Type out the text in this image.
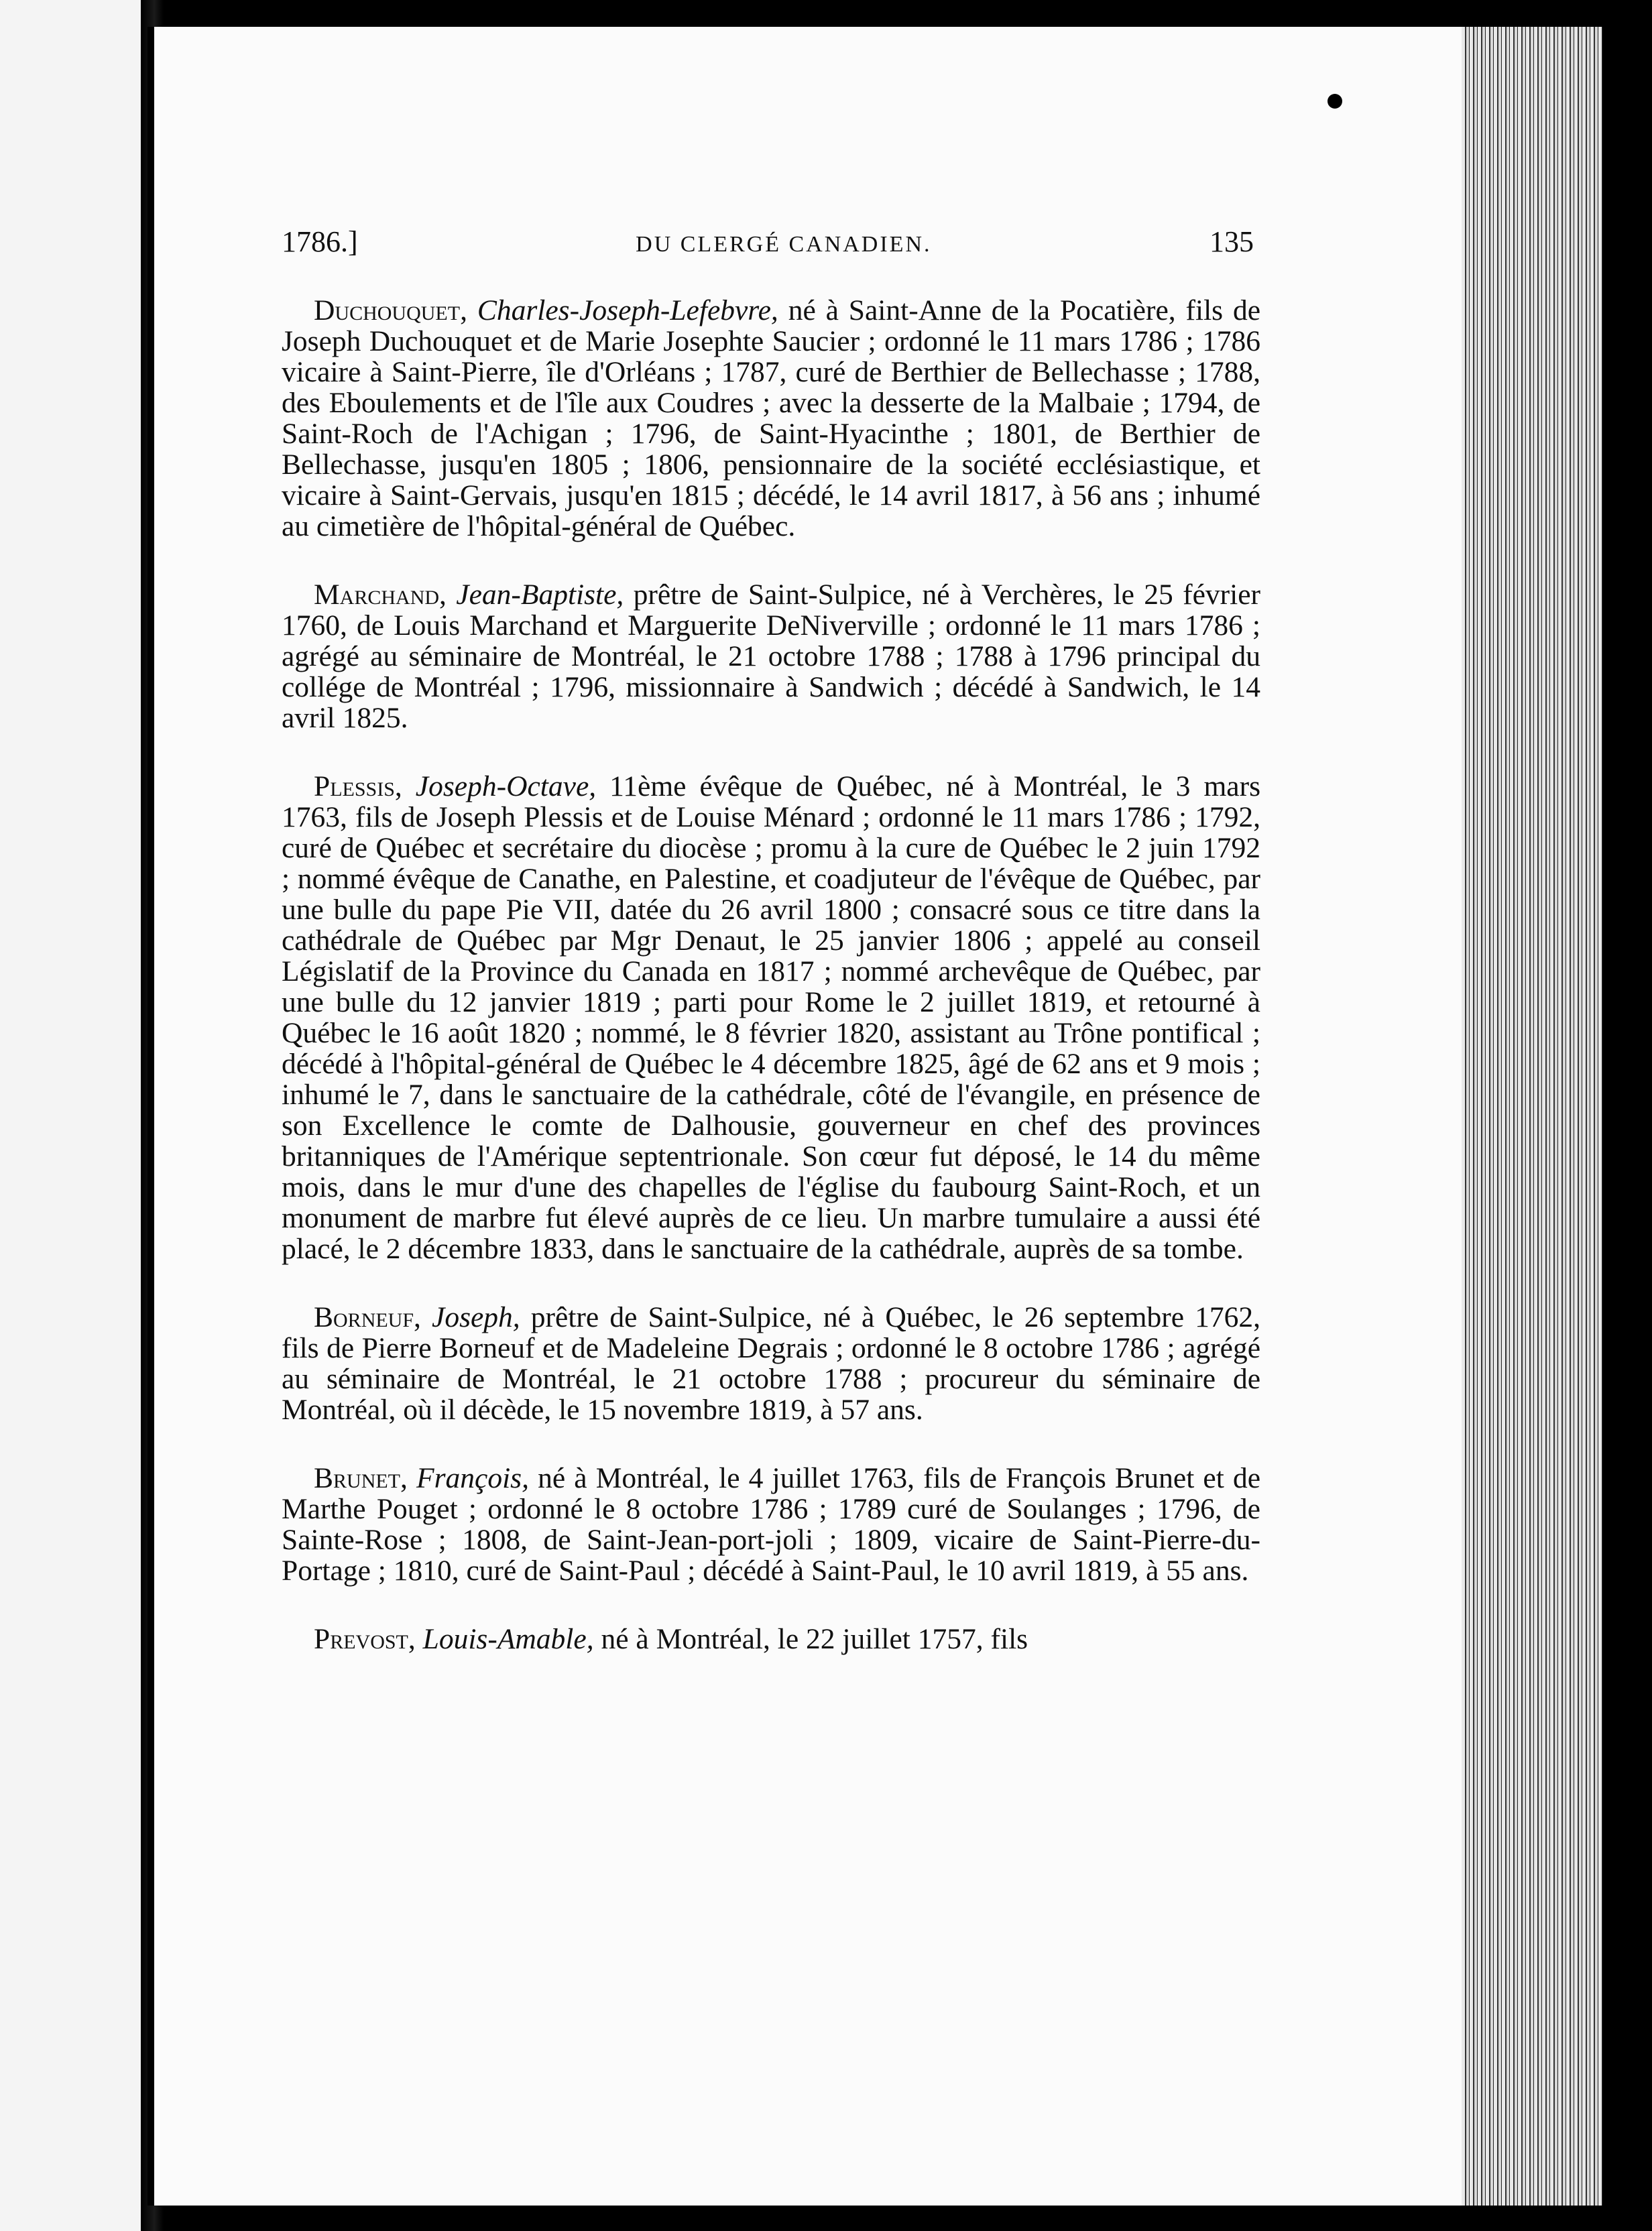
1786.]	DU CLERGÉ CANADIEN.	135

Duchouquet, Charles-Joseph-Lefebvre, né à Saint-Anne de la Pocatière, fils de Joseph Duchouquet et de Marie Josephte Saucier ; ordonné le 11 mars 1786 ; 1786 vicaire à Saint-Pierre, île d'Orléans ; 1787, curé de Berthier de Bellechasse ; 1788, des Eboulements et de l'île aux Coudres ; avec la desserte de la Malbaie ; 1794, de Saint-Roch de l'Achigan ; 1796, de Saint-Hyacinthe ; 1801, de Berthier de Bellechasse, jusqu'en 1805 ; 1806, pensionnaire de la société ecclésiastique, et vicaire à Saint-Gervais, jusqu'en 1815 ; décédé, le 14 avril 1817, à 56 ans ; inhumé au cimetière de l'hôpital-général de Québec.

Marchand, Jean-Baptiste, prêtre de Saint-Sulpice, né à Verchères, le 25 février 1760, de Louis Marchand et Marguerite DeNiverville ; ordonné le 11 mars 1786 ; agrégé au séminaire de Montréal, le 21 octobre 1788 ; 1788 à 1796 principal du collége de Montréal ; 1796, missionnaire à Sandwich ; décédé à Sandwich, le 14 avril 1825.

Plessis, Joseph-Octave, 11ème évêque de Québec, né à Montréal, le 3 mars 1763, fils de Joseph Plessis et de Louise Ménard ; ordonné le 11 mars 1786 ; 1792, curé de Québec et secrétaire du diocèse ; promu à la cure de Québec le 2 juin 1792 ; nommé évêque de Canathe, en Palestine, et coadjuteur de l'évêque de Québec, par une bulle du pape Pie VII, datée du 26 avril 1800 ; consacré sous ce titre dans la cathédrale de Québec par Mgr Denaut, le 25 janvier 1806 ; appelé au conseil Législatif de la Province du Canada en 1817 ; nommé archevêque de Québec, par une bulle du 12 janvier 1819 ; parti pour Rome le 2 juillet 1819, et retourné à Québec le 16 août 1820 ; nommé, le 8 février 1820, assistant au Trône pontifical ; décédé à l'hôpital-général de Québec le 4 décembre 1825, âgé de 62 ans et 9 mois ; inhumé le 7, dans le sanctuaire de la cathédrale, côté de l'évangile, en présence de son Excellence le comte de Dalhousie, gouverneur en chef des provinces britanniques de l'Amérique septentrionale. Son cœur fut déposé, le 14 du même mois, dans le mur d'une des chapelles de l'église du faubourg Saint-Roch, et un monument de marbre fut élevé auprès de ce lieu. Un marbre tumulaire a aussi été placé, le 2 décembre 1833, dans le sanctuaire de la cathédrale, auprès de sa tombe.

Borneuf, Joseph, prêtre de Saint-Sulpice, né à Québec, le 26 septembre 1762, fils de Pierre Borneuf et de Madeleine Degrais ; ordonné le 8 octobre 1786 ; agrégé au séminaire de Montréal, le 21 octobre 1788 ; procureur du séminaire de Montréal, où il décède, le 15 novembre 1819, à 57 ans.

Brunet, François, né à Montréal, le 4 juillet 1763, fils de François Brunet et de Marthe Pouget ; ordonné le 8 octobre 1786 ; 1789 curé de Soulanges ; 1796, de Sainte-Rose ; 1808, de Saint-Jean-port-joli ; 1809, vicaire de Saint-Pierre-du-Portage ; 1810, curé de Saint-Paul ; décédé à Saint-Paul, le 10 avril 1819, à 55 ans.

Prevost, Louis-Amable, né à Montréal, le 22 juillet 1757, fils
